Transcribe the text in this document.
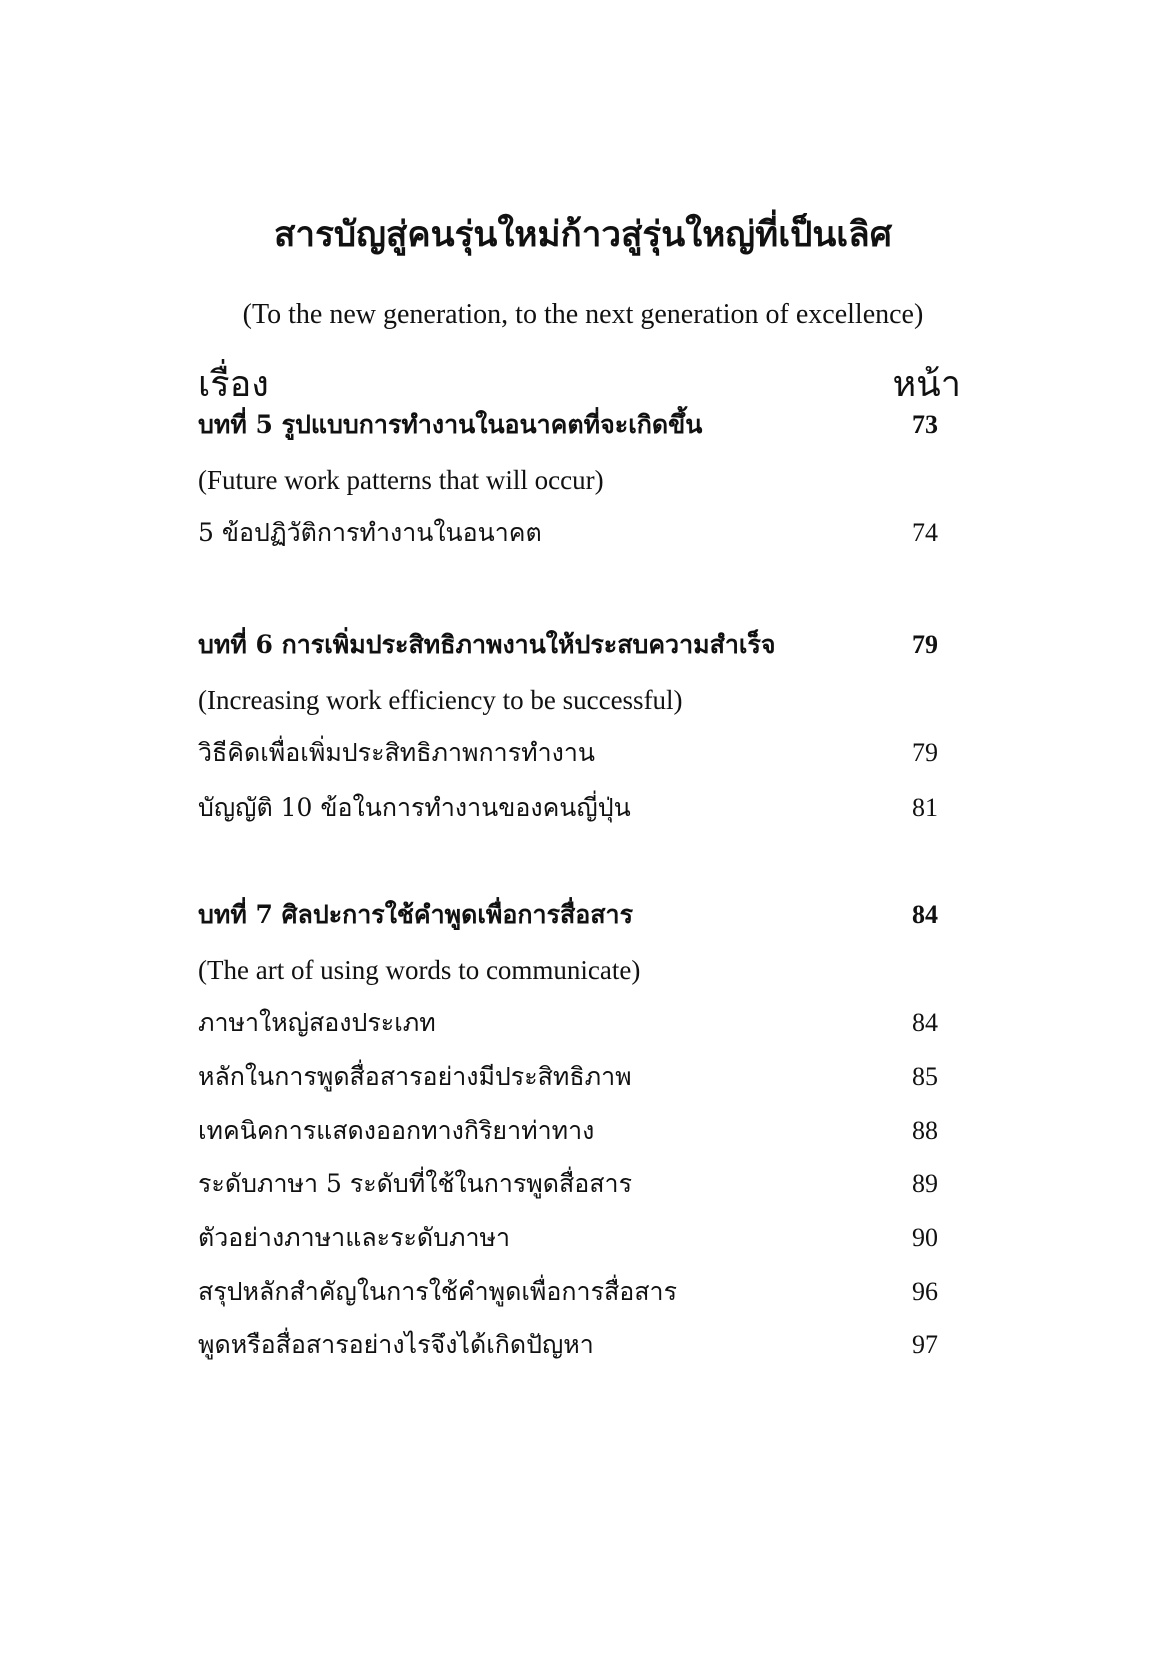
สารบัญสู่คนรุ่นใหม่ก้าวสู่รุ่นใหญ่ที่เป็นเลิศ
(To the new generation, to the next generation of excellence)
เรื่อง	หน้า
บทที่ 5 รูปแบบการทำงานในอนาคตที่จะเกิดขึ้น	73
(Future work patterns that will occur)
5 ข้อปฏิวัติการทำงานในอนาคต	74
บทที่ 6 การเพิ่มประสิทธิภาพงานให้ประสบความสำเร็จ	79
(Increasing work efficiency to be successful)
วิธีคิดเพื่อเพิ่มประสิทธิภาพการทำงาน	79
บัญญัติ 10 ข้อในการทำงานของคนญี่ปุ่น	81
บทที่ 7 ศิลปะการใช้คำพูดเพื่อการสื่อสาร	84
(The art of using words to communicate)
ภาษาใหญ่สองประเภท	84
หลักในการพูดสื่อสารอย่างมีประสิทธิภาพ	85
เทคนิคการแสดงออกทางกิริยาท่าทาง	88
ระดับภาษา 5 ระดับที่ใช้ในการพูดสื่อสาร	89
ตัวอย่างภาษาและระดับภาษา	90
สรุปหลักสำคัญในการใช้คำพูดเพื่อการสื่อสาร	96
พูดหรือสื่อสารอย่างไรจึงได้เกิดปัญหา	97
